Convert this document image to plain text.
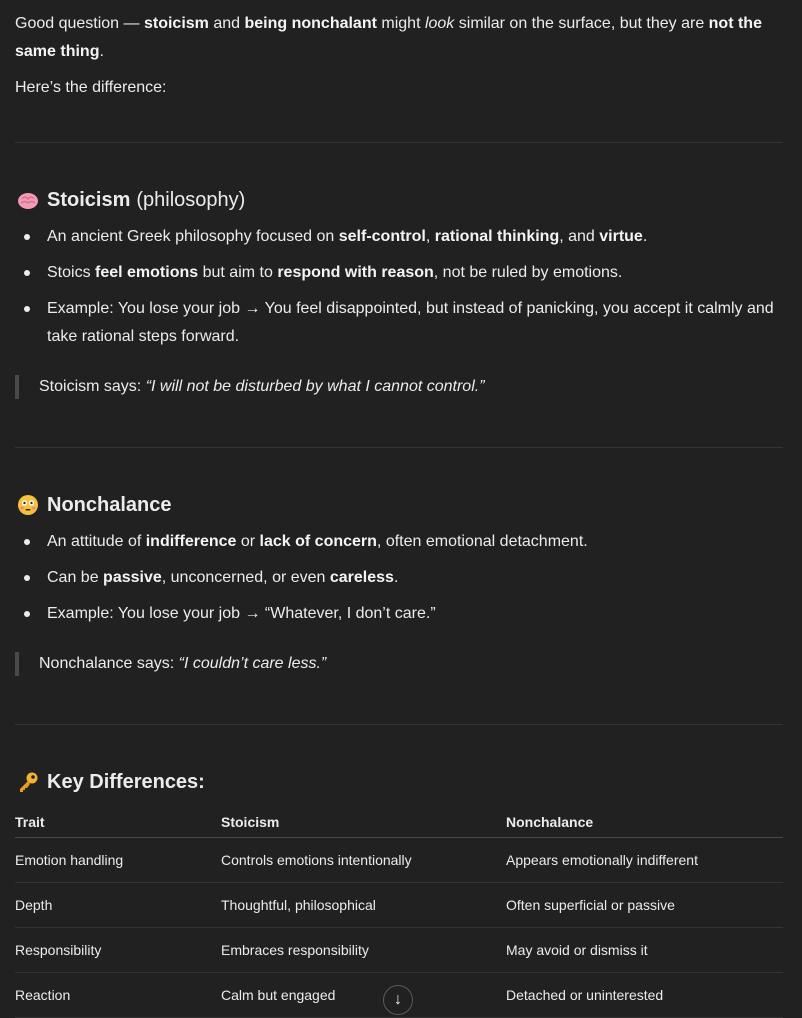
Good question — stoicism and being nonchalant might look similar on the surface, but they are not the same thing.

Here’s the difference:

Stoicism (philosophy)
An ancient Greek philosophy focused on self-control, rational thinking, and virtue.
Stoics feel emotions but aim to respond with reason, not be ruled by emotions.
Example: You lose your job → You feel disappointed, but instead of panicking, you accept it calmly and take rational steps forward.
Stoicism says: “I will not be disturbed by what I cannot control.”
Nonchalance
An attitude of indifference or lack of concern, often emotional detachment.
Can be passive, unconcerned, or even careless.
Example: You lose your job → “Whatever, I don’t care.”
Nonchalance says: “I couldn’t care less.”
Key Differences:
Trait	Stoicism	Nonchalance
Emotion handling	Controls emotions intentionally	Appears emotionally indifferent
Depth	Thoughtful, philosophical	Often superficial or passive
Responsibility	Embraces responsibility	May avoid or dismiss it
Reaction	Calm but engaged	Detached or uninterested
↓
